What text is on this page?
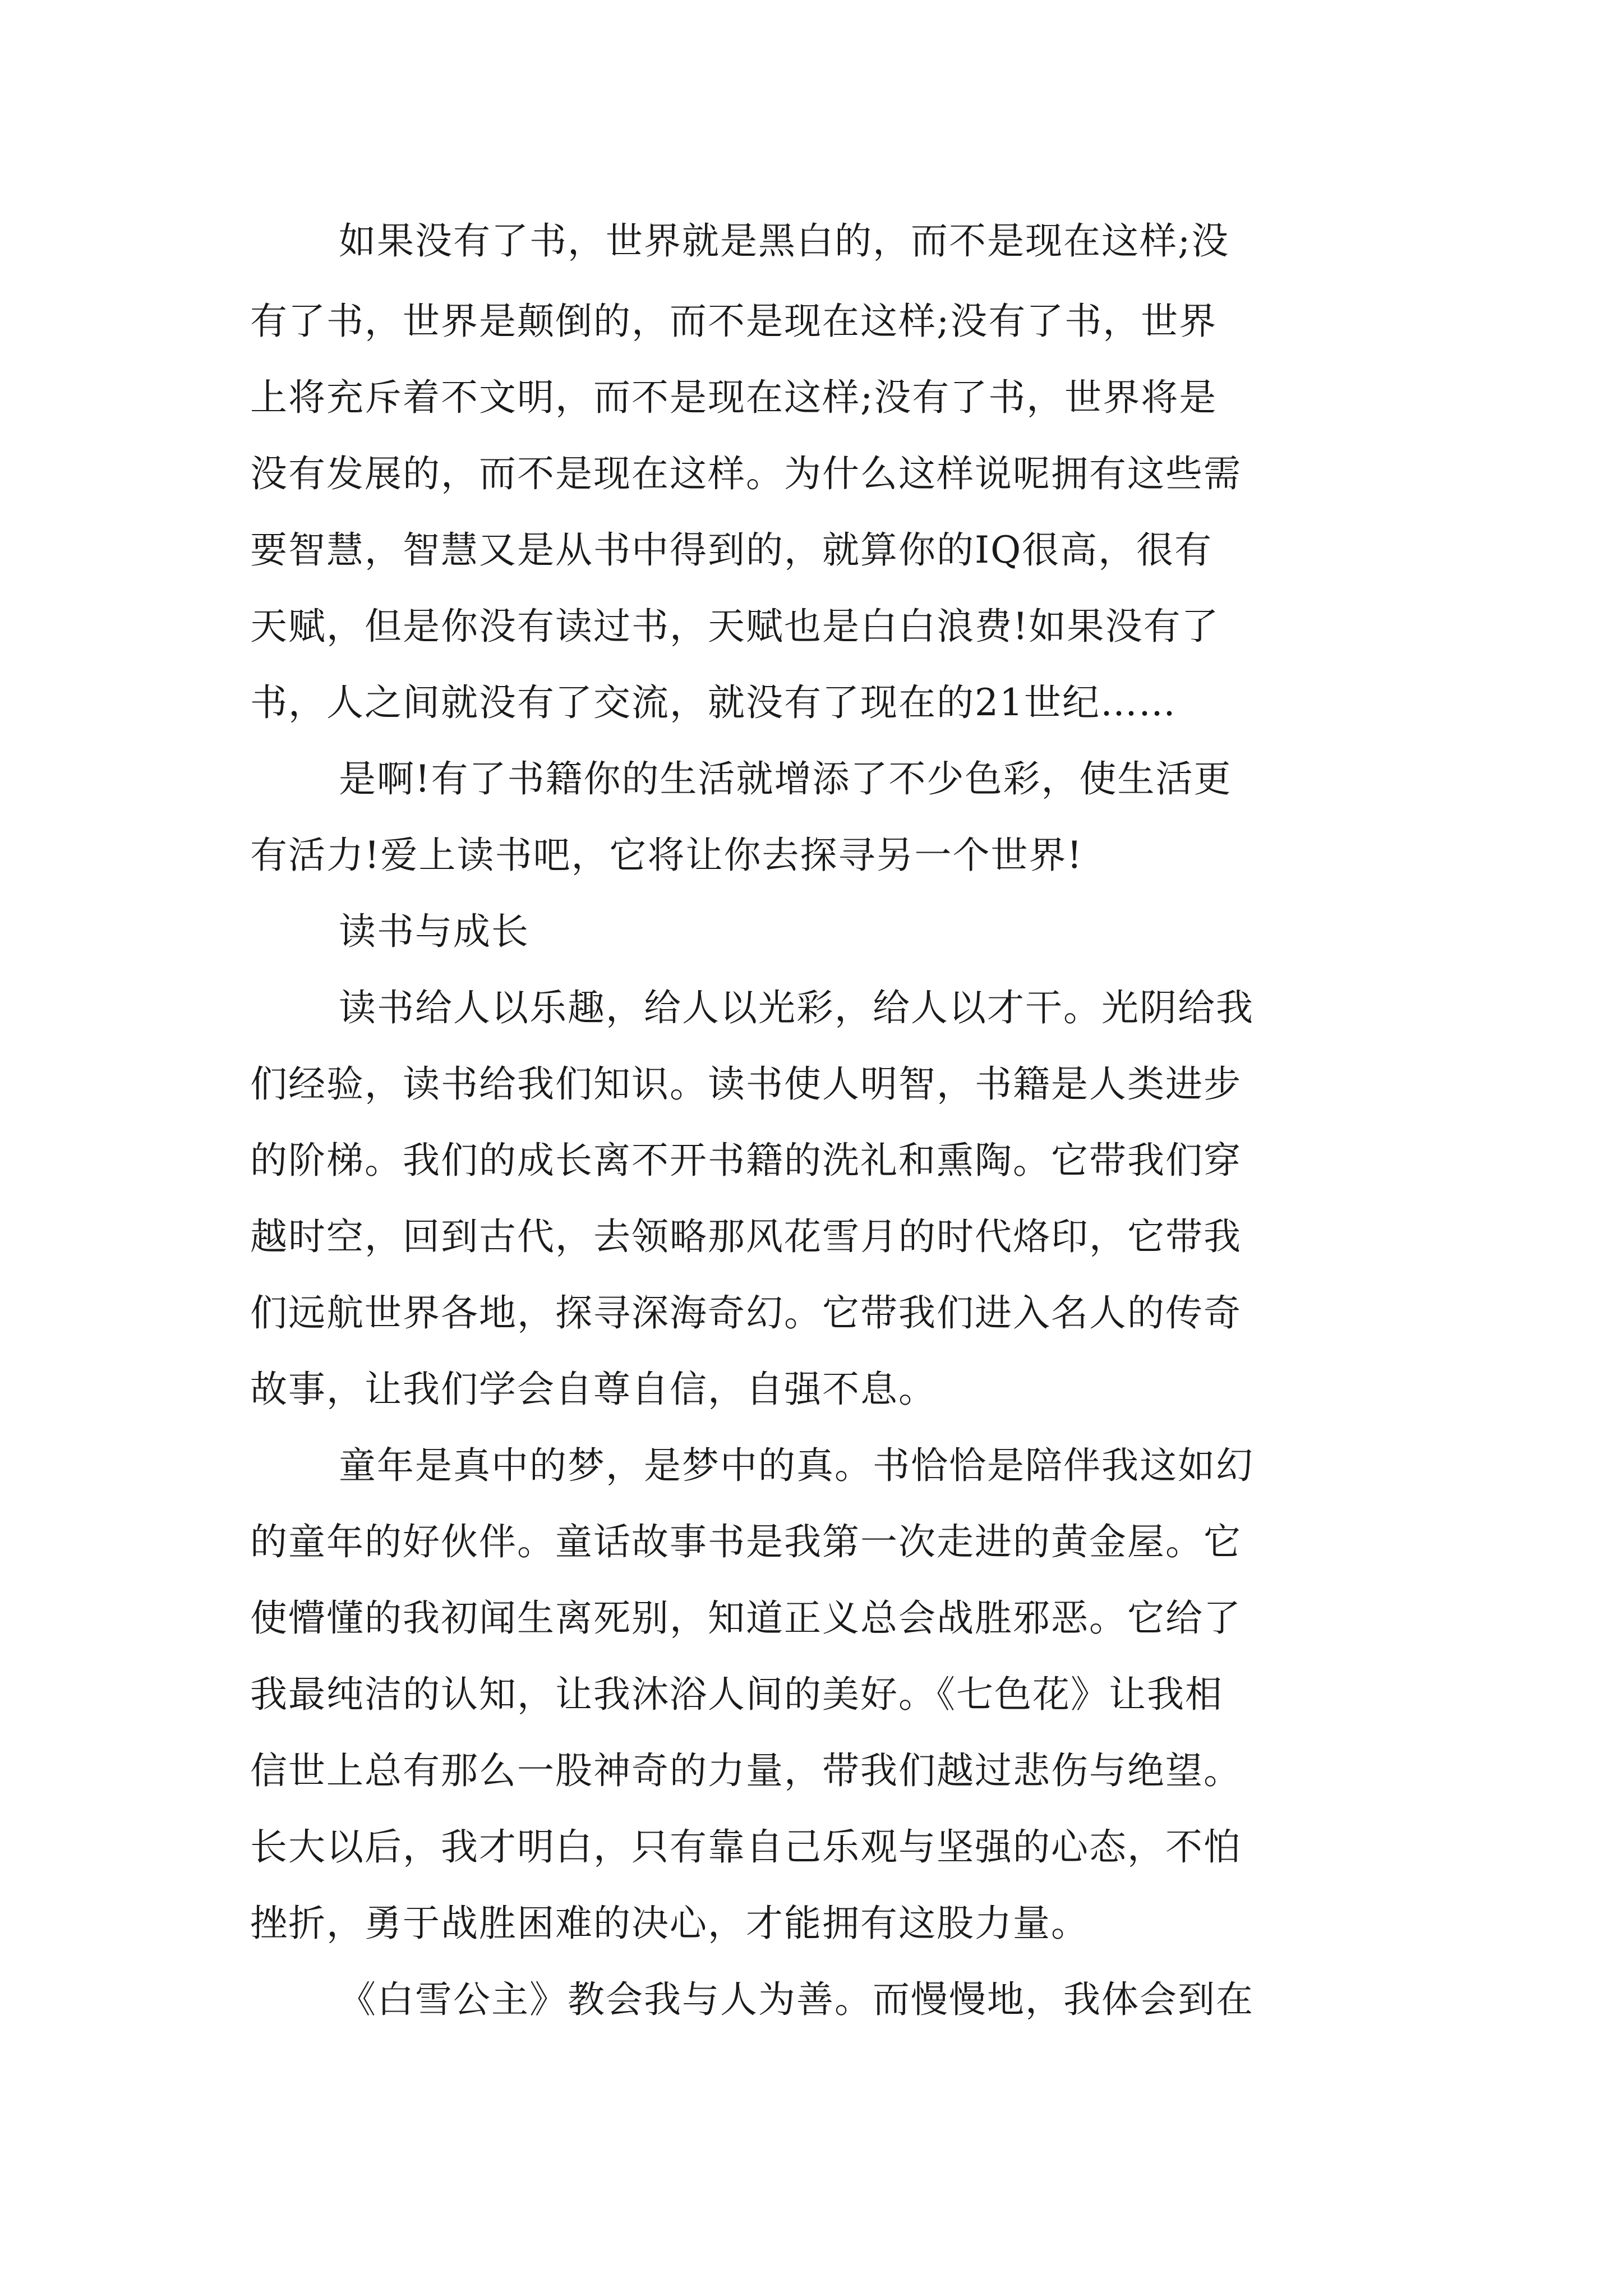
如果没有了书，世界就是黑白的，而不是现在这样;没
有了书，世界是颠倒的，而不是现在这样;没有了书，世界
上将充斥着不文明，而不是现在这样;没有了书，世界将是
没有发展的，而不是现在这样。为什么这样说呢拥有这些需
要智慧，智慧又是从书中得到的，就算你的IQ很高，很有
天赋，但是你没有读过书，天赋也是白白浪费!如果没有了
书，人之间就没有了交流，就没有了现在的21世纪……
是啊!有了书籍你的生活就增添了不少色彩，使生活更
有活力!爱上读书吧，它将让你去探寻另一个世界!
读书与成长
读书给人以乐趣，给人以光彩，给人以才干。光阴给我
们经验，读书给我们知识。读书使人明智，书籍是人类进步
的阶梯。我们的成长离不开书籍的洗礼和熏陶。它带我们穿
越时空，回到古代，去领略那风花雪月的时代烙印，它带我
们远航世界各地，探寻深海奇幻。它带我们进入名人的传奇
故事，让我们学会自尊自信，自强不息。
童年是真中的梦，是梦中的真。书恰恰是陪伴我这如幻
的童年的好伙伴。童话故事书是我第一次走进的黄金屋。它
使懵懂的我初闻生离死别，知道正义总会战胜邪恶。它给了
我最纯洁的认知，让我沐浴人间的美好。《七色花》让我相
信世上总有那么一股神奇的力量，带我们越过悲伤与绝望。
长大以后，我才明白，只有靠自己乐观与坚强的心态，不怕
挫折，勇于战胜困难的决心，才能拥有这股力量。
《白雪公主》教会我与人为善。而慢慢地，我体会到在
